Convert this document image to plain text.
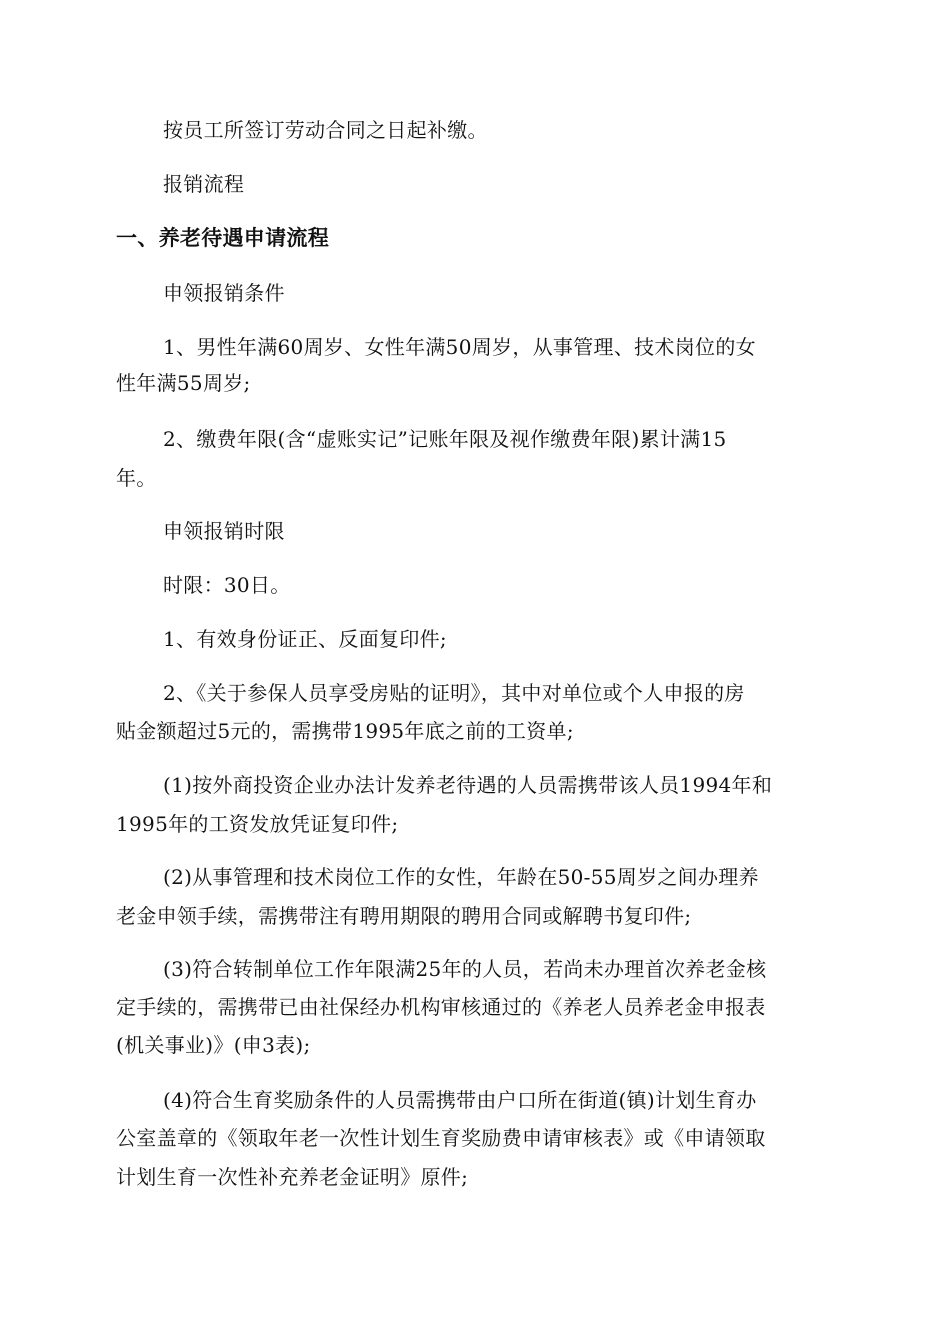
按员工所签订劳动合同之日起补缴。
报销流程
一、养老待遇申请流程
申领报销条件
1、男性年满60周岁、女性年满50周岁，从事管理、技术岗位的女
性年满55周岁;
2、缴费年限(含“虚账实记”记账年限及视作缴费年限)累计满15
年。
申领报销时限
时限：30日。
1、有效身份证正、反面复印件;
2、《关于参保人员享受房贴的证明》，其中对单位或个人申报的房
贴金额超过5元的，需携带1995年底之前的工资单;
(1)按外商投资企业办法计发养老待遇的人员需携带该人员1994年和
1995年的工资发放凭证复印件;
(2)从事管理和技术岗位工作的女性，年龄在50-55周岁之间办理养
老金申领手续，需携带注有聘用期限的聘用合同或解聘书复印件;
(3)符合转制单位工作年限满25年的人员，若尚未办理首次养老金核
定手续的，需携带已由社保经办机构审核通过的《养老人员养老金申报表
(机关事业)》(申3表);
(4)符合生育奖励条件的人员需携带由户口所在街道(镇)计划生育办
公室盖章的《领取年老一次性计划生育奖励费申请审核表》或《申请领取
计划生育一次性补充养老金证明》原件;
